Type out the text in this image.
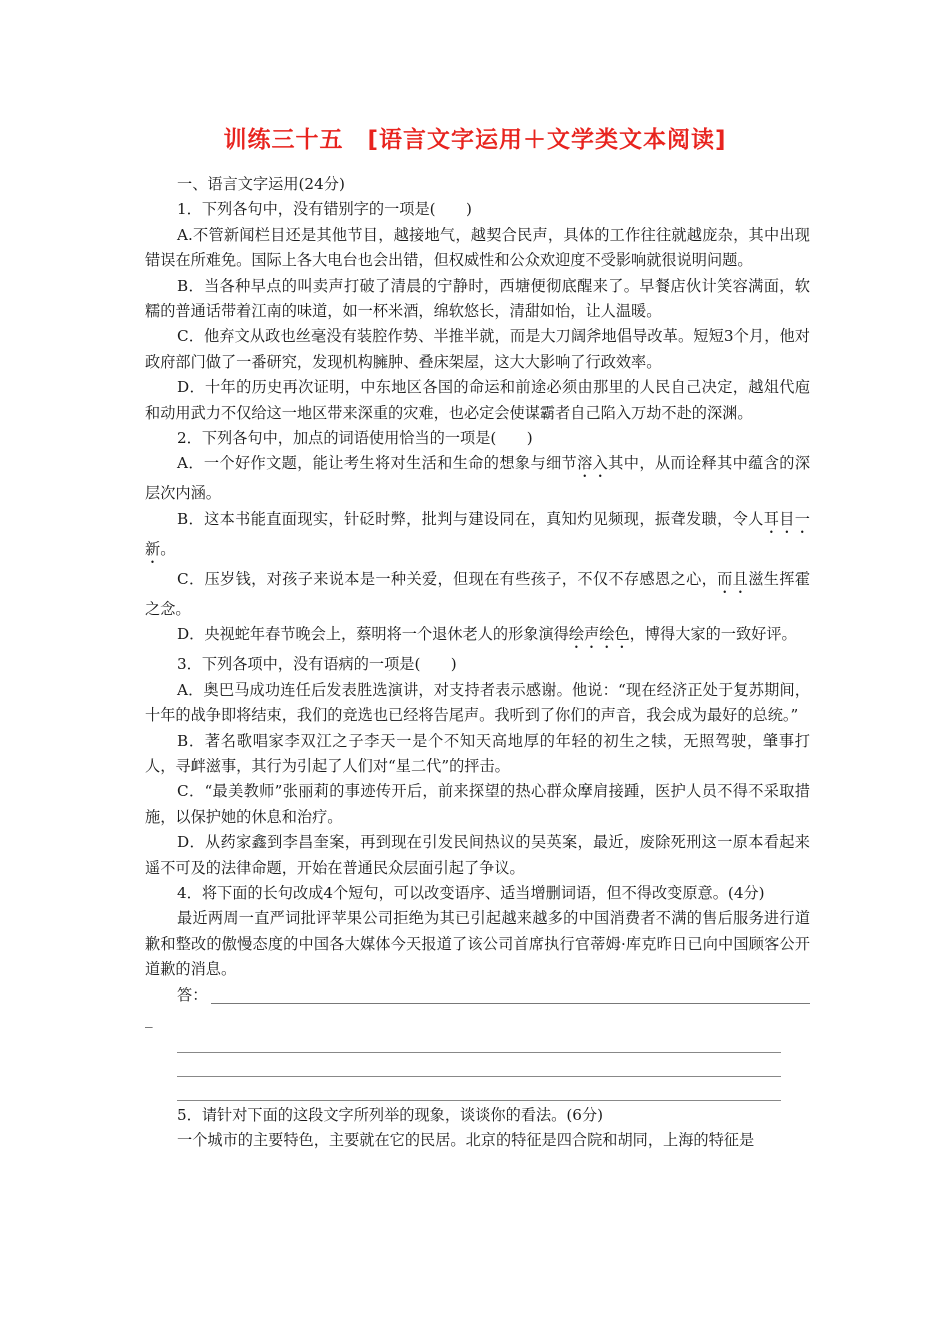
训练三十五　[语言文字运用＋文学类文本阅读]

一、语言文字运用(24分)

1．下列各句中，没有错别字的一项是(　　)

A.不管新闻栏目还是其他节目，越接地气，越契合民声，具体的工作往往就越庞杂，其中出现错误在所难免。国际上各大电台也会出错，但权威性和公众欢迎度不受影响就很说明问题。

B．当各种早点的叫卖声打破了清晨的宁静时，西塘便彻底醒来了。早餐店伙计笑容满面，软糯的普通话带着江南的味道，如一杯米酒，绵软悠长，清甜如怡，让人温暖。

C．他弃文从政也丝毫没有装腔作势、半推半就，而是大刀阔斧地倡导改革。短短3个月，他对政府部门做了一番研究，发现机构臃肿、叠床架屋，这大大影响了行政效率。

D．十年的历史再次证明，中东地区各国的命运和前途必须由那里的人民自己决定，越俎代庖和动用武力不仅给这一地区带来深重的灾难，也必定会使谋霸者自己陷入万劫不赴的深渊。

2．下列各句中，加点的词语使用恰当的一项是(　　)

A．一个好作文题，能让考生将对生活和生命的想象与细节溶入其中，从而诠释其中蕴含的深层次内涵。

B．这本书能直面现实，针砭时弊，批判与建设同在，真知灼见频现，振聋发聩，令人耳目一新。

C．压岁钱，对孩子来说本是一种关爱，但现在有些孩子，不仅不存感恩之心，而且滋生挥霍之念。

D．央视蛇年春节晚会上，蔡明将一个退休老人的形象演得绘声绘色，博得大家的一致好评。

3．下列各项中，没有语病的一项是(　　)

A．奥巴马成功连任后发表胜选演讲，对支持者表示感谢。他说：“现在经济正处于复苏期间，十年的战争即将结束，我们的竞选也已经将告尾声。我听到了你们的声音，我会成为最好的总统。”

B．著名歌唱家李双江之子李天一是个不知天高地厚的年轻的初生之犊，无照驾驶，肇事打人，寻衅滋事，其行为引起了人们对“星二代”的抨击。

C．“最美教师”张丽莉的事迹传开后，前来探望的热心群众摩肩接踵，医护人员不得不采取措施，以保护她的休息和治疗。

D．从药家鑫到李昌奎案，再到现在引发民间热议的吴英案，最近，废除死刑这一原本看起来遥不可及的法律命题，开始在普通民众层面引起了争议。

4．将下面的长句改成4个短句，可以改变语序、适当增删词语，但不得改变原意。(4分)

最近两周一直严词批评苹果公司拒绝为其已引起越来越多的中国消费者不满的售后服务进行道歉和整改的傲慢态度的中国各大媒体今天报道了该公司首席执行官蒂姆·库克昨日已向中国顾客公开道歉的消息。

答：
_

5．请针对下面的这段文字所列举的现象，谈谈你的看法。(6分)

一个城市的主要特色，主要就在它的民居。北京的特征是四合院和胡同，上海的特征是
